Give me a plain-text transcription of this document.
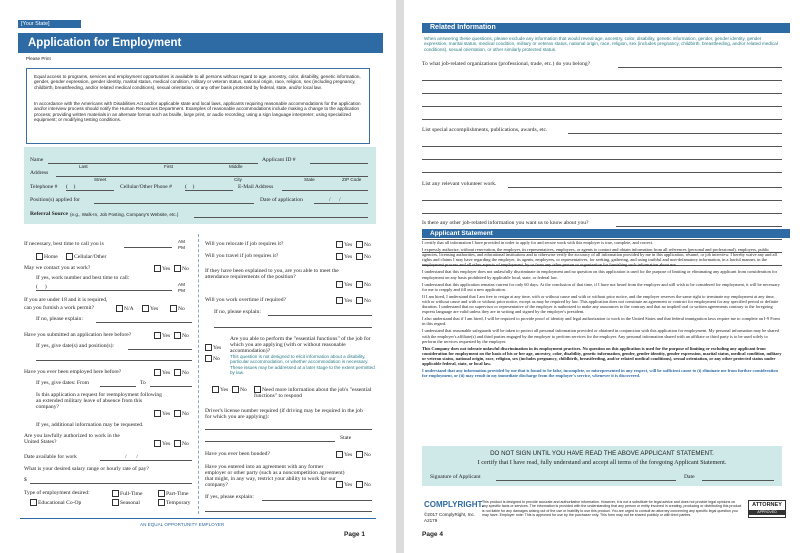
[Your State]
Application for Employment
Please Print
Equal access to programs, services and employment opportunities is available to all persons without regard to age, ancestry, color, disability, genetic information, gender, gender expression, gender identity, marital status, medical condition, military or veteran status, national origin, race, religion, sex (including pregnancy, childbirth, breastfeeding, and/or related medical conditions), sexual orientation, or any other basis protected by federal, state, and/or local law.
In accordance with the Americans with Disabilities Act and/or applicable state and local laws, applicants requiring reasonable accommodations for the application and/or interview process should notify the Human Resources Department. Examples of reasonable accommodations include making a change to the application process; providing written materials in an alternate format such as braille, large print, or audio recording; using a sign language interpreter; using specialized equipment; or modifying testing conditions.
Name
Last	First	Middle
Applicant ID #
Address
Street	City	State	ZIP Code
Telephone # (    )	Cellular/Other Phone # (    )	E-Mail Address
Position(s) applied for	Date of application	/      /
Referral Source (e.g., Walk-In, Job Posting, Company's Website, etc.)
If necessary, best time to call you is	AM
PM
Home	Cellular/Other
May we contact you at work?	Yes	No
If yes, work number and best time to call:
(     )	AM
PM
If you are under 18 and it is required,
can you furnish a work permit?	N/A	Yes	No
If no, please explain:
Have you submitted an application here before?	Yes	No
If yes, give date(s) and position(s):
Have you ever been employed here before?	Yes	No
If yes, give dates: From	To
Is this application a request for reemployment following an extended military leave of absence from this company?
Yes	No
If yes, additional information may be requested.
Are you lawfully authorized to work in the United States?	Yes	No
Date available for work	/       /
What is your desired salary range or hourly rate of pay?
$
Type of employment desired:	Full-Time	Part-Time
Educational Co-Op	Seasonal	Temporary
Will you relocate if job requires it?	Yes	No
Will you travel if job requires it?	Yes	No
If they have been explained to you, are you able to meet the attendance requirements of the position?
Yes	No
Will you work overtime if required?	Yes	No
If no, please explain:
Are you able to perform the "essential functions" of the job for which you are applying (with or without reasonable accommodation)?
Yes
No This question is not designed to elicit information about a disability, particular accommodation, or whether accommodation is necessary. These issues may be addressed at a later stage to the extent permitted by law.
Yes	No	Need more information about the job's "essential functions" to respond
Driver's license number required (if driving may be required in the job for which you are applying):
State
Have you ever been bonded?	Yes	No
Have you entered into an agreement with any former employer or other party (such as a noncompetition agreement) that might, in any way, restrict your ability to work for our company?	Yes	No
If yes, please explain:
AN EQUAL OPPORTUNITY EMPLOYER
Page 1
Related Information
When answering these questions, please exclude any information that would reveal age, ancestry, color, disability, genetic information, gender, gender identity, gender expression, marital status, medical condition, military or veteran status, national origin, race, religion, sex (includes pregnancy, childbirth, breastfeeding, and/or related medical conditions), sexual orientation, or other similarly protected status.
To what job-related organizations (professional, trade, etc.) do you belong?
List special accomplishments, publications, awards, etc.
List any relevant volunteer work.
Is there any other job-related information you want us to know about you?
Applicant Statement

I certify that all information I have provided in order to apply for and secure work with this employer is true, complete, and correct.

I expressly authorize, without reservation, the employer, its representatives, employees, or agents to contact and obtain information from all references (personal and professional), employers, public agencies, licensing authorities, and educational institutions and to otherwise verify the accuracy of all information provided by me in this application, résumé, or job interview. I hereby waive any and all rights and claims I may have regarding the employer, its agents, employees, or representatives, for seeking, gathering, and using truthful and non-defamatory information, in a lawful manner, in the employment process and all other aspects of employment, by or from any other person or organization for furnishing such information about me.

I understand that this employer does not unlawfully discriminate in employment and no question on this application is used for the purpose of limiting or eliminating any applicant from consideration for employment on any basis prohibited by applicable local, state, or federal law.

I understand that this application remains current for only 60 days. At the conclusion of that time, if I have not heard from the employer and still wish to be considered for employment, it will be necessary for me to reapply and fill out a new application.

If I am hired, I understand that I am free to resign at any time, with or without cause and with or without prior notice, and the employer reserves the same right to terminate my employment at any time, with or without cause and with or without prior notice, except as may be required by law. This application does not constitute an agreement or contract for employment for any specified period or definite duration. I understand that no supervisor or representative of the employer is authorized to make any assurances to the contrary and that no implied oral or written agreements contrary to the foregoing express language are valid unless they are in writing and signed by the employer's president.

I also understand that if I am hired, I will be required to provide proof of identity and legal authorization to work in the United States and that federal immigration laws require me to complete an I-9 Form in this regard.

I understand that reasonable safeguards will be taken to protect all personal information provided or obtained in conjunction with this application for employment. My personal information may be shared with the employer's affiliate(s) and third parties engaged by the employer to perform services for the employer. Any personal information shared with an affiliate or third party is to be used solely to perform the services requested by the employer.

This Company does not tolerate unlawful discrimination in its employment practices. No question on this application is used for the purpose of limiting or excluding any applicant from consideration for employment on the basis of his or her age, ancestry, color, disability, genetic information, gender, gender identity, gender expression, marital status, medical condition, military or veteran status, national origin, race, religion, sex (includes pregnancy, childbirth, breastfeeding, and/or related medical conditions), sexual orientation, or any other protected status under applicable federal, state, or local law.

I understand that any information provided by me that is found to be false, incomplete, or misrepresented in any respect, will be sufficient cause to (i) eliminate me from further consideration for employment, or (ii) may result in my immediate discharge from the employer's service, whenever it is discovered.

DO NOT SIGN UNTIL YOU HAVE READ THE ABOVE APPLICANT STATEMENT.
I certify that I have read, fully understand and accept all terms of the foregoing Applicant Statement.
Signature of Applicant	Date
COMPLYRIGHT.
©2017 ComplyRight, Inc.
A2179
This product is designed to provide accurate and authoritative information. However, it is not a substitute for legal advice and does not provide legal opinions on any specific facts or services. The information is provided with the understanding that any person or entity involved in creating, producing or distributing this product is not liable for any damages arising out of the use or inability to use this product. You are urged to consult an attorney concerning any specific legal question you may have. Employer note: This is approved for use by the purchaser only. This form may not be shared publicly or with third parties.
ATTORNEY
APPROVED
Page 4
